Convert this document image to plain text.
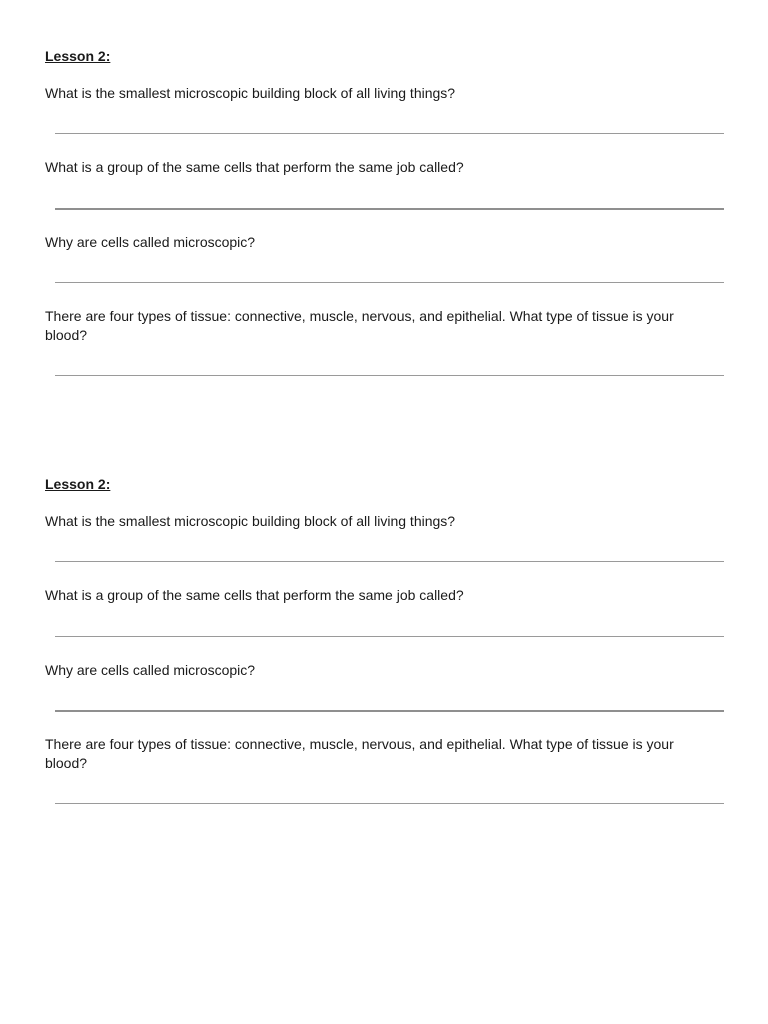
Lesson 2:

What is the smallest microscopic building block of all living things?

What is a group of the same cells that perform the same job called?

Why are cells called microscopic?

There are four types of tissue: connective, muscle, nervous, and epithelial. What type of tissue is your blood?

Lesson 2:

What is the smallest microscopic building block of all living things?

What is a group of the same cells that perform the same job called?

Why are cells called microscopic?

There are four types of tissue: connective, muscle, nervous, and epithelial. What type of tissue is your blood?
